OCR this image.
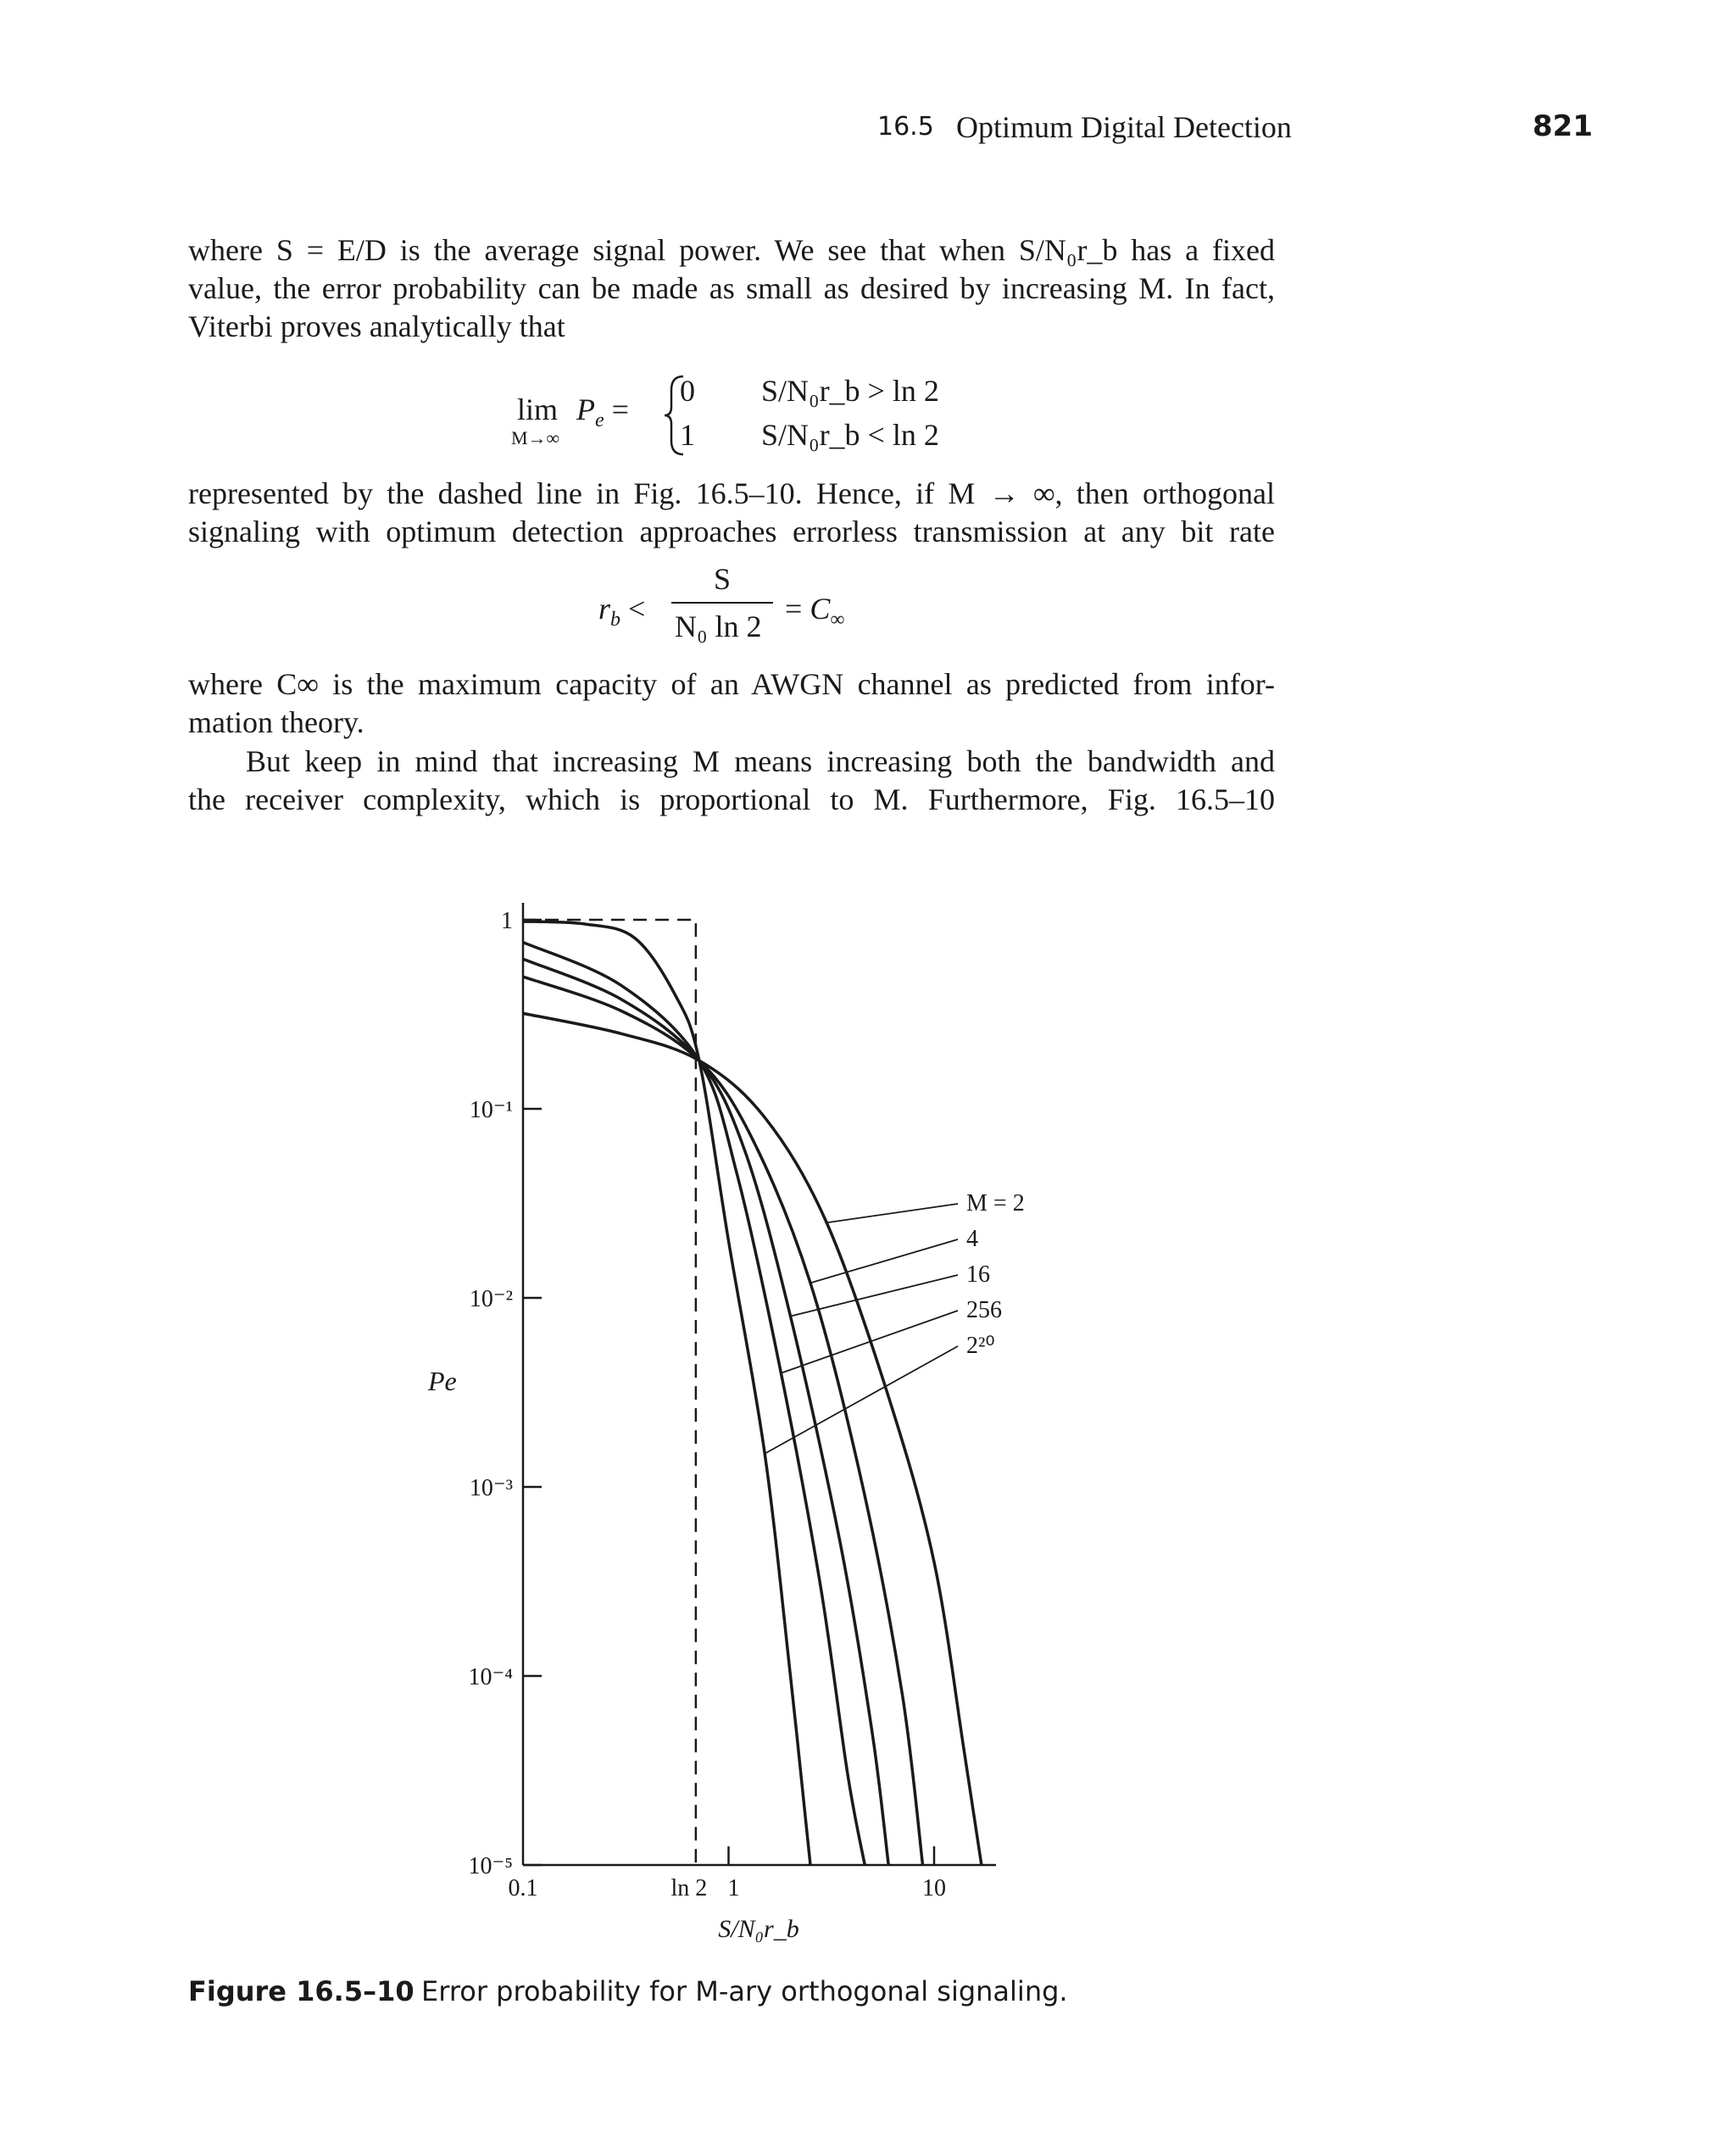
16.5 Optimum Digital Detection	821
where S = E/D is the average signal power. We see that when S/N₀r_b has a fixed
value, the error probability can be made as small as desired by increasing M. In fact,
Viterbi proves analytically that
lim
M→∞
$P_e$ =
0 S/N₀r_b > ln 2
1 S/N₀r_b < ln 2
represented by the dashed line in Fig. 16.5–10. Hence, if M → ∞, then orthogonal
signaling with optimum detection approaches errorless transmission at any bit rate
$r_b$ <
S
N₀ ln 2
= $C_\infty$
where C∞ is the maximum capacity of an AWGN channel as predicted from infor-
mation theory.
But keep in mind that increasing M means increasing both the bandwidth and
the receiver complexity, which is proportional to M. Furthermore, Fig. 16.5–10
1
10⁻¹
10⁻²
10⁻³
10⁻⁴
10⁻⁵
0.1	ln 2 1	10
M = 2
4
16
256
2²⁰
Pe
S/N₀r_b
Figure 16.5–10 Error probability for M-ary orthogonal signaling.
